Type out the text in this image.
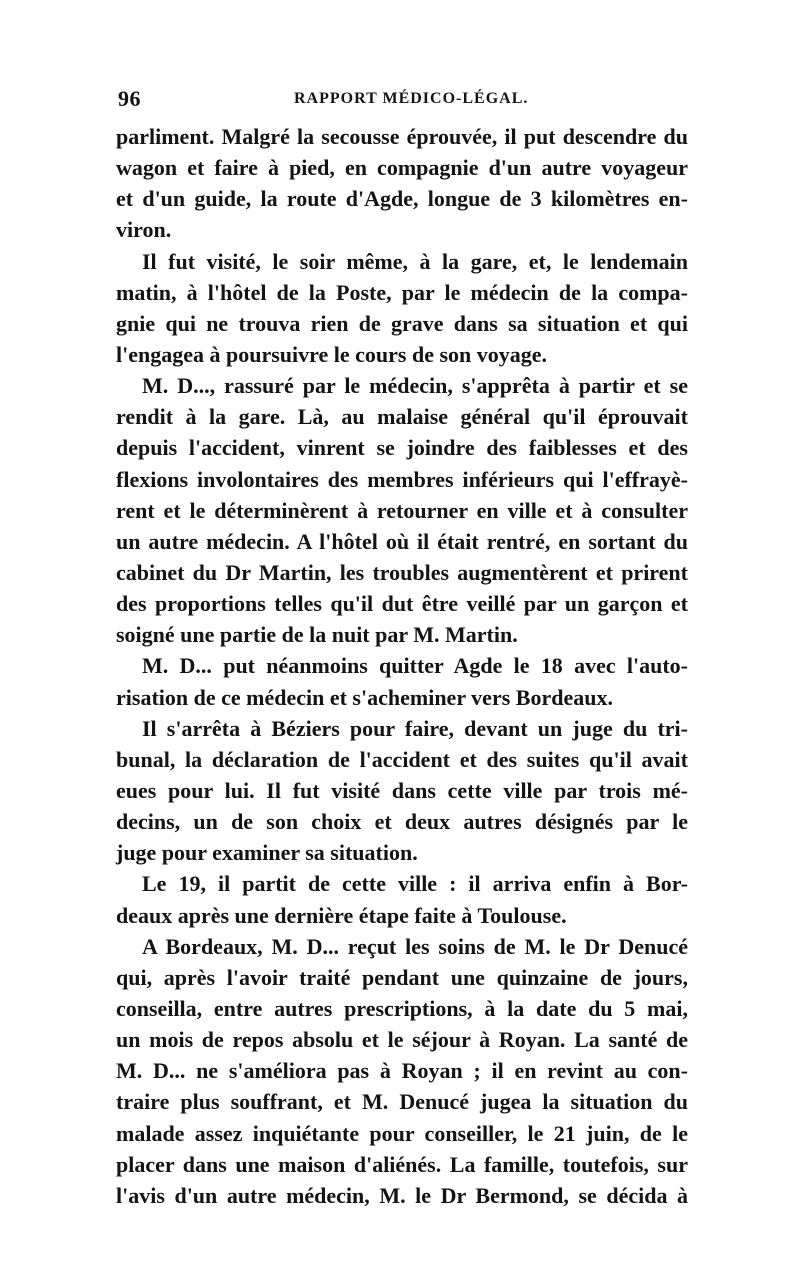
96	RAPPORT MÉDICO-LÉGAL.
parliment. Malgré la secousse éprouvée, il put descendre du
wagon et faire à pied, en compagnie d'un autre voyageur
et d'un guide, la route d'Agde, longue de 3 kilomètres en-
viron.
Il fut visité, le soir même, à la gare, et, le lendemain
matin, à l'hôtel de la Poste, par le médecin de la compa-
gnie qui ne trouva rien de grave dans sa situation et qui
l'engagea à poursuivre le cours de son voyage.
M. D..., rassuré par le médecin, s'apprêta à partir et se
rendit à la gare. Là, au malaise général qu'il éprouvait
depuis l'accident, vinrent se joindre des faiblesses et des
flexions involontaires des membres inférieurs qui l'effrayè-
rent et le déterminèrent à retourner en ville et à consulter
un autre médecin. A l'hôtel où il était rentré, en sortant du
cabinet du Dr Martin, les troubles augmentèrent et prirent
des proportions telles qu'il dut être veillé par un garçon et
soigné une partie de la nuit par M. Martin.
M. D... put néanmoins quitter Agde le 18 avec l'auto-
risation de ce médecin et s'acheminer vers Bordeaux.
Il s'arrêta à Béziers pour faire, devant un juge du tri-
bunal, la déclaration de l'accident et des suites qu'il avait
eues pour lui. Il fut visité dans cette ville par trois mé-
decins, un de son choix et deux autres désignés par le
juge pour examiner sa situation.
Le 19, il partit de cette ville : il arriva enfin à Bor-
deaux après une dernière étape faite à Toulouse.
A Bordeaux, M. D... reçut les soins de M. le Dr Denucé
qui, après l'avoir traité pendant une quinzaine de jours,
conseilla, entre autres prescriptions, à la date du 5 mai,
un mois de repos absolu et le séjour à Royan. La santé de
M. D... ne s'améliora pas à Royan ; il en revint au con-
traire plus souffrant, et M. Denucé jugea la situation du
malade assez inquiétante pour conseiller, le 21 juin, de le
placer dans une maison d'aliénés. La famille, toutefois, sur
l'avis d'un autre médecin, M. le Dr Bermond, se décida à
